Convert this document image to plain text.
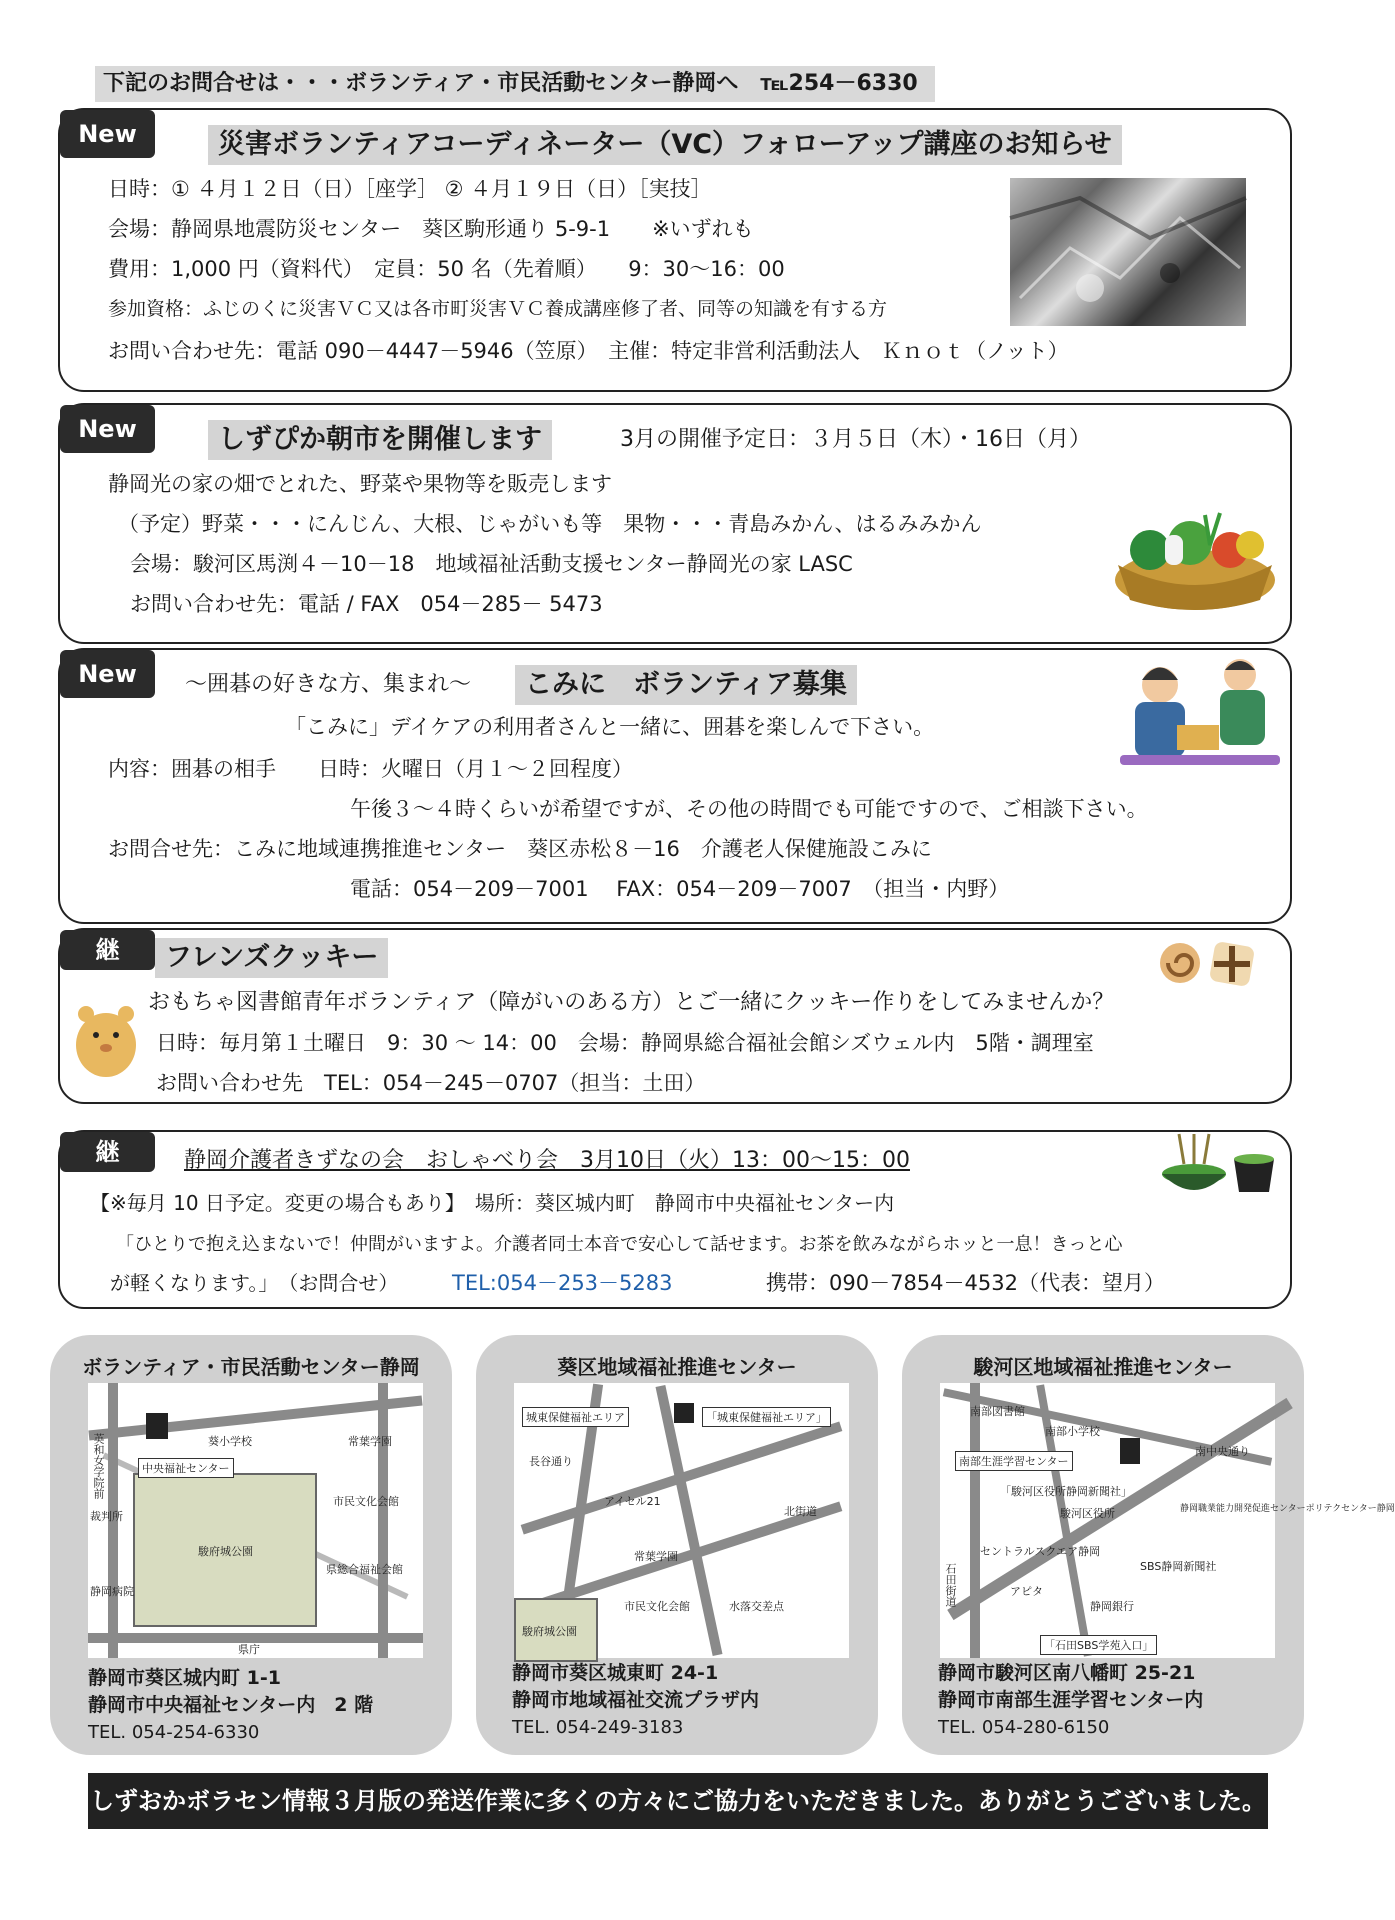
下記のお問合せは・・・ボランティア・市民活動センター静岡へ　℡254－6330
New	災害ボランティアコーディネーター（VC）フォローアップ講座のお知らせ
日時：① ４月１２日（日）［座学］ ② ４月１９日（日）［実技］
会場：静岡県地震防災センター　葵区駒形通り 5-9-1　　※いずれも
費用：1,000 円（資料代）　定員：50 名（先着順）　　9：30～16：00
参加資格：ふじのくに災害ＶＣ又は各市町災害ＶＣ養成講座修了者、同等の知識を有する方
お問い合わせ先：電話 090－4447－5946（笠原）　主催：特定非営利活動法人　Ｋｎｏｔ（ノット）
New	しずぴか朝市を開催します	3月の開催予定日：３月５日（木）・16日（月）
静岡光の家の畑でとれた、野菜や果物等を販売します
（予定）野菜・・・にんじん、大根、じゃがいも等　果物・・・青島みかん、はるみみかん
会場：駿河区馬渕４－10－18　地域福祉活動支援センター静岡光の家 LASC
お問い合わせ先：電話 / FAX　054－285－ 5473
New	～囲碁の好きな方、集まれ～	こみに　ボランティア募集
「こみに」デイケアの利用者さんと一緒に、囲碁を楽しんで下さい。
内容：囲碁の相手　　日時：火曜日（月１～２回程度）
午後３～４時くらいが希望ですが、その他の時間でも可能ですので、ご相談下さい。
お問合せ先：こみに地域連携推進センター　葵区赤松８－16　介護老人保健施設こみに
電話：054－209－7001　 FAX：054－209－7007　（担当・内野）
継	フレンズクッキー
おもちゃ図書館青年ボランティア（障がいのある方）とご一緒にクッキー作りをしてみませんか？
日時：毎月第１土曜日　9：30 ～ 14：00　会場：静岡県総合福祉会館シズウェル内　5階・調理室
お問い合わせ先　TEL：054－245－0707（担当：土田）
継	静岡介護者きずなの会　おしゃべり会　3月10日（火）13：00～15：00
【※毎月 10 日予定。変更の場合もあり】　場所：葵区城内町　静岡市中央福祉センター内
「ひとりで抱え込まないで！仲間がいますよ。介護者同士本音で安心して話せます。お茶を飲みながらホッと一息！きっと心
が軽くなります。」　（お問合せ）	TEL:054－253－5283	携帯：090－7854－4532（代表：望月）
ボランティア・市民活動センター静岡
英和女学院前	葵小学校	常葉学園
中央福祉センター
裁判所
駿府城公園
市民文化会館
県総合福祉会館
静岡病院
県庁
静岡市葵区城内町 1-1
静岡市中央福祉センター内　2 階
TEL. 054-254-6330
葵区地域福祉推進センター
城東保健福祉エリア	「城東保健福祉エリア」
長谷通り
アイセル21
北街道
常葉学園
市民文化会館	水落交差点
駿府城公園
静岡市葵区城東町 24-1
静岡市地域福祉交流プラザ内
TEL. 054-249-3183
駿河区地域福祉推進センター
南部図書館
南部小学校
南部生涯学習センター
南中央通り
「駿河区役所静岡新聞社」
駿河区役所	静岡職業能力開発促進センターポリテクセンター静岡
セントラルスクエア静岡
SBS静岡新聞社
アピタ
静岡銀行
石田街道
「石田SBS学苑入口」
静岡市駿河区南八幡町 25-21
静岡市南部生涯学習センター内
TEL. 054-280-6150
しずおかボラセン情報３月版の発送作業に多くの方々にご協力をいただきました。ありがとうございました。
